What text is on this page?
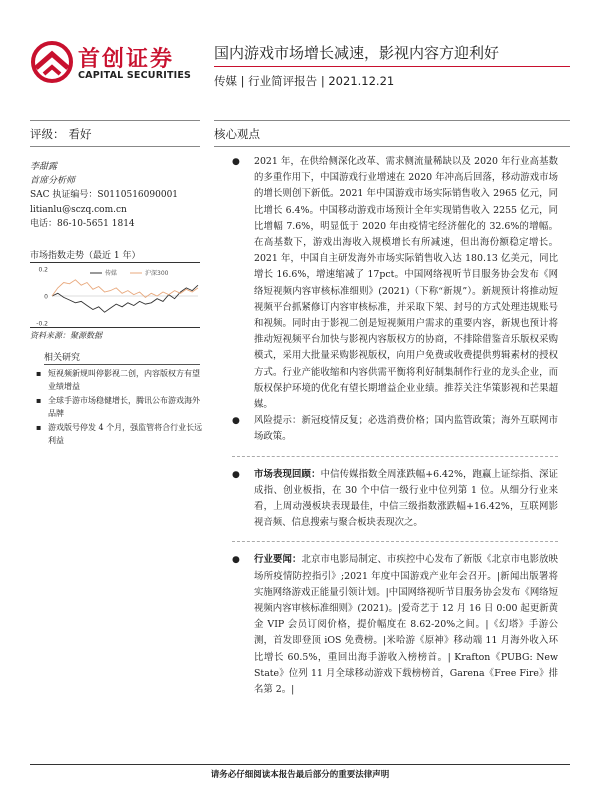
首创证券
CAPITAL SECURITIES
国内游戏市场增长减速，影视内容方迎利好
传媒 | 行业简评报告 | 2021.12.21
评级： 看好	核心观点
李甜露
首席分析师
SAC 执证编号：S0110516090001
litianlu@sczq.com.cn
电话：86-10-5651 1814
市场指数走势（最近 1 年）
0.2
0
-0.2
传媒	沪深300
资料来源：聚源数据
相关研究
▪ 短视频新规叫停影视二创，内容版权方有望业绩增益
▪ 全球手游市场稳健增长，腾讯公布游戏海外品牌
▪ 游戏版号停发 4 个月，强监管将合行业长远利益
● 2021 年，在供给侧深化改革、需求侧流量稀缺以及 2020 年行业高基数的多重作用下，中国游戏行业增速在 2020 年冲高后回落，移动游戏市场的增长则创下新低。2021 年中国游戏市场实际销售收入 2965 亿元，同比增长 6.4%。中国移动游戏市场预计全年实现销售收入 2255 亿元，同比增幅 7.6%，明显低于 2020 年由疫情宅经济催化的 32.6%的增幅。在高基数下，游戏出海收入规模增长有所减速，但出海份额稳定增长。2021 年，中国自主研发海外市场实际销售收入达 180.13 亿美元，同比增长 16.6%，增速缩减了 17pct。中国网络视听节目服务协会发布《网络短视频内容审核标准细则》(2021)（下称“新规”）。新规预计将推动短视频平台抓紧修订内容审核标准，并采取下架、封号的方式处理违规账号和视频。同时由于影视二创是短视频用户需求的重要内容，新规也预计将推动短视频平台加快与影视内容版权方的协商，不排除借鉴音乐版权采购模式，采用大批量采购影视版权，向用户免费或收费提供剪辑素材的授权方式。行业产能收缩和内容供需平衡将利好制集制作行业的龙头企业，而版权保护环境的优化有望长期增益企业业绩。推荐关注华策影视和芒果超媒。
● 风险提示：新冠疫情反复；必选消费价格；国内监管政策；海外互联网市场政策。
● 市场表现回顾：中信传媒指数全周涨跌幅+6.42%，跑赢上证综指、深证成指、创业板指，在 30 个中信一级行业中位列第 1 位。从细分行业来看，上周动漫板块表现最佳，中信三级指数涨跌幅+16.42%，互联网影视音频、信息搜索与聚合板块表现次之。
● 行业要闻：北京市电影局制定、市疾控中心发布了新版《北京市电影放映场所疫情防控指引》;2021 年度中国游戏产业年会召开。|新闻出版署将实施网络游戏正能量引领计划。|中国网络视听节目服务协会发布《网络短视频内容审核标准细则》(2021)。|爱奇艺于 12 月 16 日 0:00 起更新黄金 VIP 会员订阅价格，提价幅度在 8.62-20%之间。|《幻塔》手游公测，首发即登顶 iOS 免费榜。|米哈游《原神》移动端 11 月海外收入环比增长 60.5%，重回出海手游收入榜榜首。| Krafton《PUBG: New State》位列 11 月全球移动游戏下载榜榜首，Garena《Free Fire》排名第 2。|
请务必仔细阅读本报告最后部分的重要法律声明
